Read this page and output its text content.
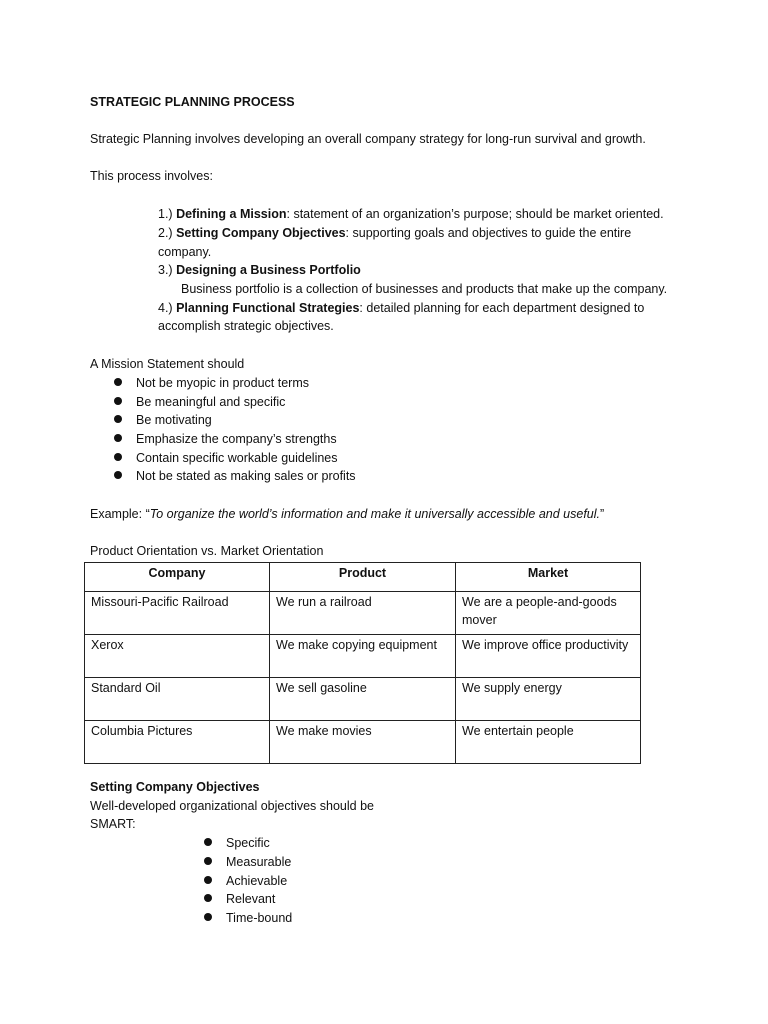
STRATEGIC PLANNING PROCESS
Strategic Planning involves developing an overall company strategy for long-run survival and growth.
This process involves:
1.) Defining a Mission: statement of an organization’s purpose; should be market oriented.
2.) Setting Company Objectives: supporting goals and objectives to guide the entire
company.
3.) Designing a Business Portfolio
Business portfolio is a collection of businesses and products that make up the company.
4.) Planning Functional Strategies: detailed planning for each department designed to
accomplish strategic objectives.
A Mission Statement should
Not be myopic in product terms
Be meaningful and specific
Be motivating
Emphasize the company’s strengths
Contain specific workable guidelines
Not be stated as making sales or profits
Example: “To organize the world’s information and make it universally accessible and useful.”
Product Orientation vs. Market Orientation
Company	Product	Market
Missouri-Pacific Railroad	We run a railroad	We are a people-and-goods mover
Xerox	We make copying equipment	We improve office productivity
Standard Oil	We sell gasoline	We supply energy
Columbia Pictures	We make movies	We entertain people
Setting Company Objectives
Well-developed organizational objectives should be
SMART:
Specific
Measurable
Achievable
Relevant
Time-bound
